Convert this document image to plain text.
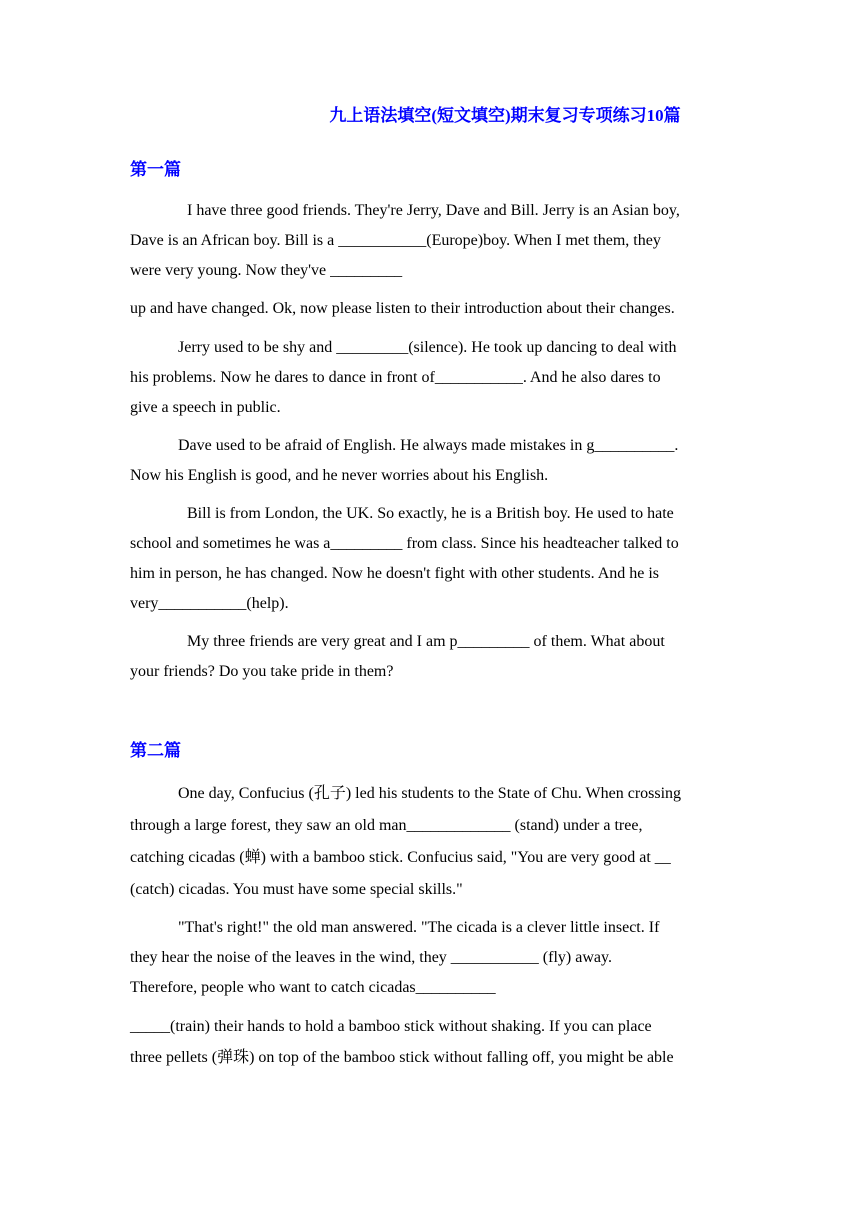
九上语法填空(短文填空)期末复习专项练习10篇
第一篇
I have three good friends. They're Jerry, Dave and Bill. Jerry is an Asian boy,
Dave is an African boy. Bill is a ___________(Europe)boy. When I met them, they
were very young. Now they've _________
up and have changed. Ok, now please listen to their introduction about their changes.
Jerry used to be shy and _________(silence). He took up dancing to deal with
his problems. Now he dares to dance in front of___________. And he also dares to
give a speech in public.
Dave used to be afraid of English. He always made mistakes in g__________.
Now his English is good, and he never worries about his English.
Bill is from London, the UK. So exactly, he is a British boy. He used to hate
school and sometimes he was a_________ from class. Since his headteacher talked to
him in person, he has changed. Now he doesn't fight with other students. And he is
very___________(help).
My three friends are very great and I am p_________ of them. What about
your friends? Do you take pride in them?
第二篇
One day, Confucius (孔子) led his students to the State of Chu. When crossing
through a large forest, they saw an old man_____________ (stand) under a tree,
catching cicadas (蝉) with a bamboo stick. Confucius said, "You are very good at __
(catch) cicadas. You must have some special skills."
"That's right!" the old man answered. "The cicada is a clever little insect. If
they hear the noise of the leaves in the wind, they ___________ (fly) away.
Therefore, people who want to catch cicadas__________
_____(train) their hands to hold a bamboo stick without shaking. If you can place
three pellets (弹珠) on top of the bamboo stick without falling off, you might be able
